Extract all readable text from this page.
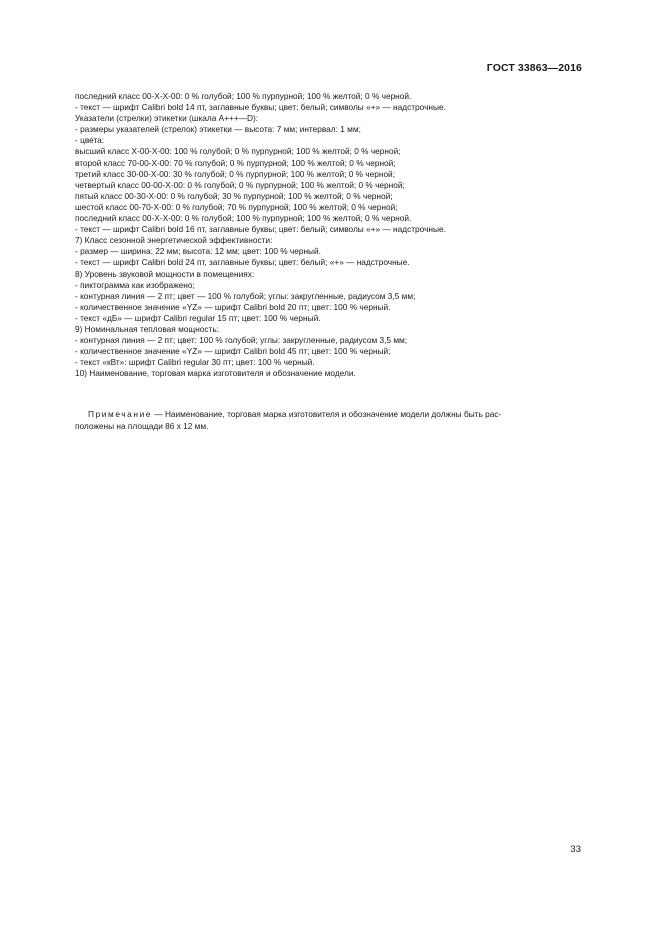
ГОСТ 33863—2016
последний класс 00-X-X-00: 0 % голубой; 100 % пурпурной; 100 % желтой; 0 % черной.
- текст — шрифт Calibri bold 14 пт, заглавные буквы; цвет: белый; символы «+» — надстрочные.
Указатели (стрелки) этикетки (шкала А+++—D):
- размеры указателей (стрелок) этикетки — высота: 7 мм; интервал: 1 мм;
- цвета:
высший класс X-00-X-00: 100 % голубой; 0 % пурпурной; 100 % желтой; 0 % черной;
второй класс 70-00-X-00: 70 % голубой; 0 % пурпурной; 100 % желтой; 0 % черной;
третий класс 30-00-X-00: 30 % голубой; 0 % пурпурной; 100 % желтой; 0 % черной;
четвертый класс 00-00-X-00: 0 % голубой; 0 % пурпурной; 100 % желтой; 0 % черной;
пятый класс 00-30-X-00: 0 % голубой; 30 % пурпурной; 100 % желтой; 0 % черной;
шестой класс 00-70-X-00: 0 % голубой; 70 % пурпурной; 100 % желтой; 0 % черной;
последний класс 00-X-X-00: 0 % голубой; 100 % пурпурной; 100 % желтой; 0 % черной.
- текст — шрифт Calibri bold 16 пт, заглавные буквы; цвет: белый; символы «+» — надстрочные.
7) Класс сезонной энергетической эффективности:
- размер — ширина: 22 мм; высота: 12 мм; цвет: 100 % черный.
- текст — шрифт Calibri bold 24 пт, заглавные буквы; цвет: белый; «+» — надстрочные.
8) Уровень звуковой мощности в помещениях:
- пиктограмма как изображено;
- контурная линия — 2 пт; цвет — 100 % голубой; углы: закругленные, радиусом 3,5 мм;
- количественное значение «YZ» — шрифт Calibri bold 20 пт; цвет: 100 % черный.
- текст «дБ» — шрифт Calibri regular 15 пт; цвет: 100 % черный.
9) Номинальная тепловая мощность:
- контурная линия — 2 пт; цвет: 100 % голубой; углы: закругленные, радиусом 3,5 мм;
- количественное значение «YZ» — шрифт Calibri bold 45 пт; цвет: 100 % черный;
- текст «кВт»: шрифт Calibri regular 30 пт; цвет: 100 % черный.
10) Наименование, торговая марка изготовителя и обозначение модели.
Примечание — Наименование, торговая марка изготовителя и обозначение модели должны быть рас-
положены на площади 86 х 12 мм.
33
